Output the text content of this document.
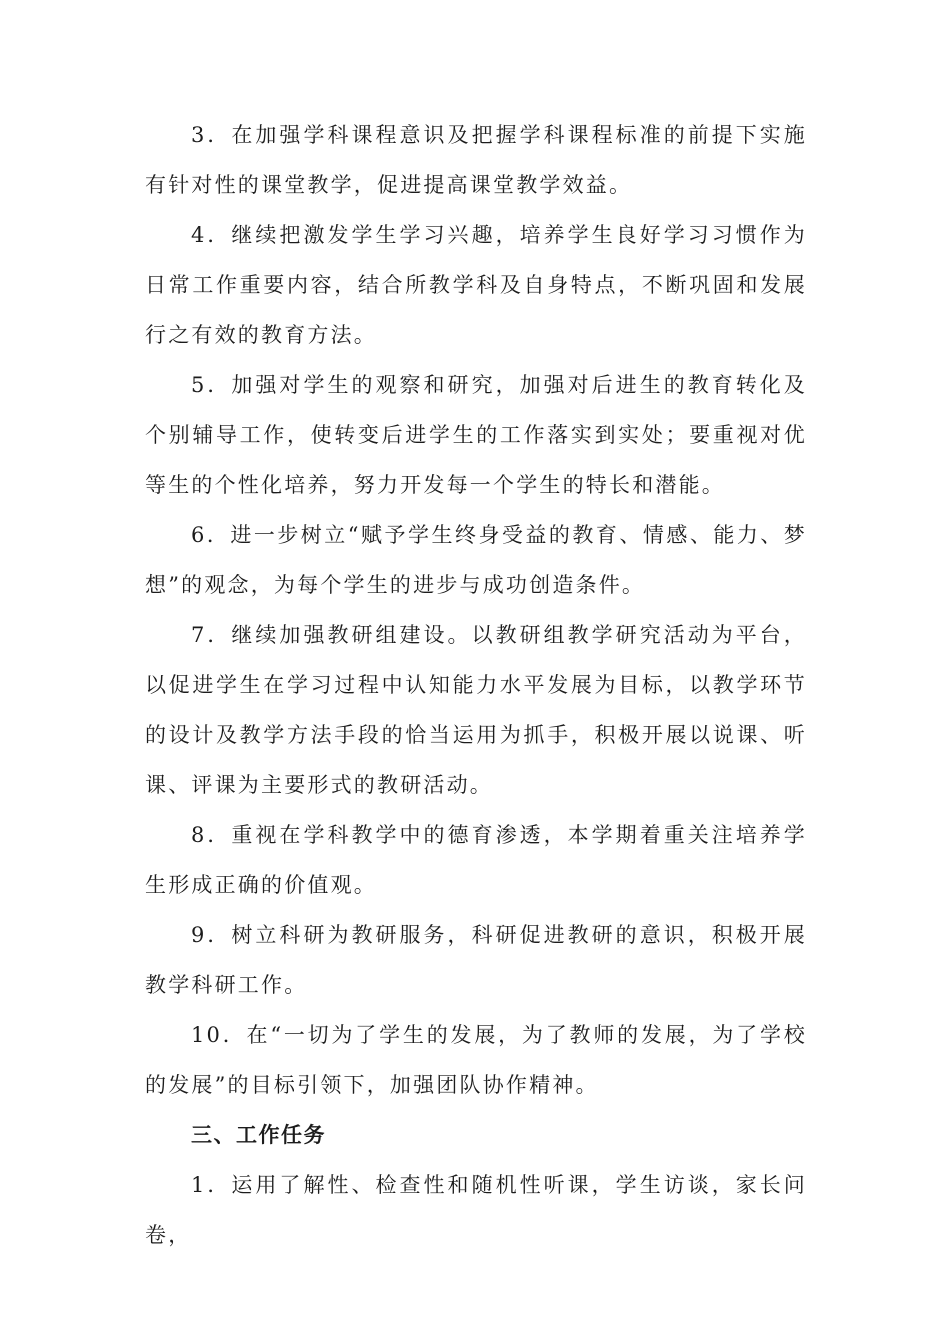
3．在加强学科课程意识及把握学科课程标准的前提下实施有针对性的课堂教学，促进提高课堂教学效益。

4．继续把激发学生学习兴趣，培养学生良好学习习惯作为日常工作重要内容，结合所教学科及自身特点，不断巩固和发展行之有效的教育方法。

5．加强对学生的观察和研究，加强对后进生的教育转化及个别辅导工作，使转变后进学生的工作落实到实处；要重视对优等生的个性化培养，努力开发每一个学生的特长和潜能。

6．进一步树立“赋予学生终身受益的教育、情感、能力、梦想”的观念，为每个学生的进步与成功创造条件。

7．继续加强教研组建设。以教研组教学研究活动为平台，以促进学生在学习过程中认知能力水平发展为目标，以教学环节的设计及教学方法手段的恰当运用为抓手，积极开展以说课、听课、评课为主要形式的教研活动。

8．重视在学科教学中的德育渗透，本学期着重关注培养学生形成正确的价值观。

9．树立科研为教研服务，科研促进教研的意识，积极开展教学科研工作。

10．在“一切为了学生的发展，为了教师的发展，为了学校的发展”的目标引领下，加强团队协作精神。

三、工作任务

1．运用了解性、检查性和随机性听课，学生访谈，家长问卷，
